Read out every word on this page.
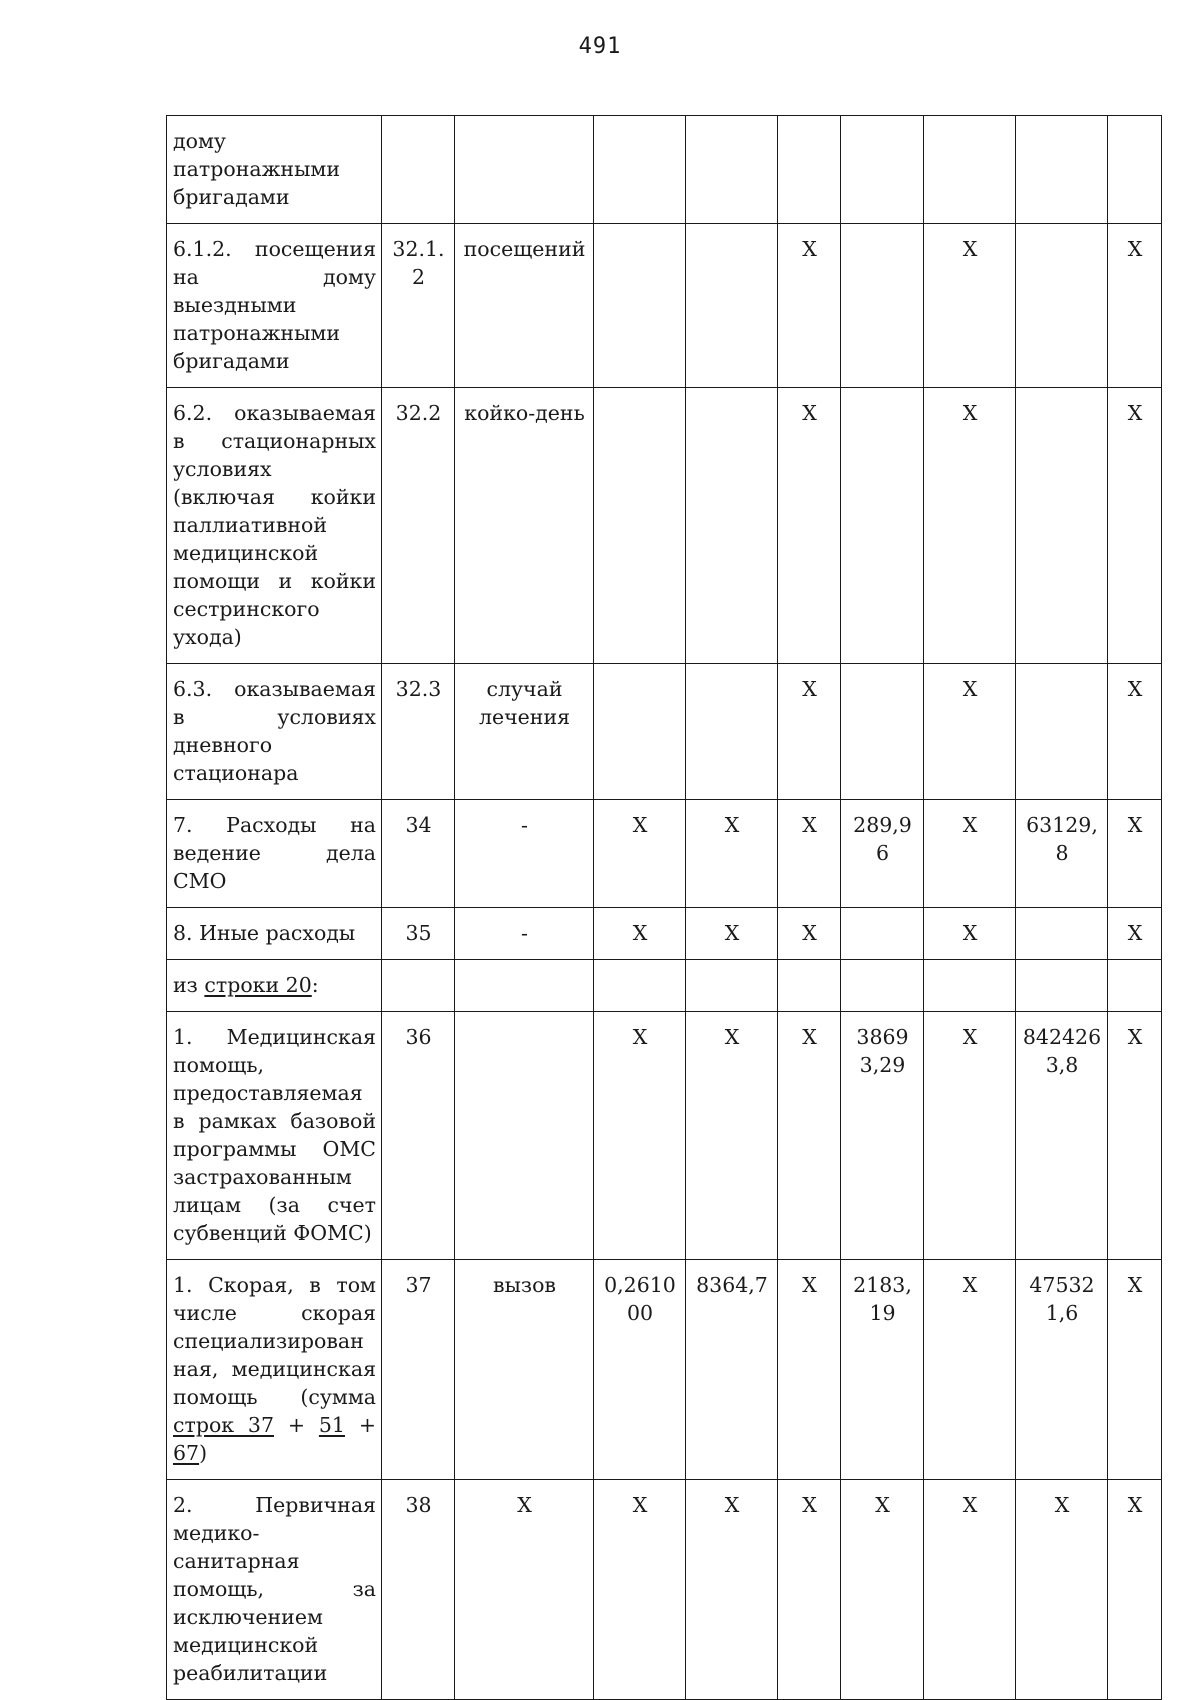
491
дому патронажными бригадами									
6.1.2. посещения на дому выездными патронажными бригадами	32.1.2	посещений			X		X		X
6.2. оказываемая в стационарных условиях (включая койки паллиативной медицинской помощи и койки сестринского ухода)	32.2	койко-день			X		X		X
6.3. оказываемая в условиях дневного стационара	32.3	случай лечения			X		X		X
7. Расходы на ведение дела СМО	34	-	X	X	X	289,96	X	63129,8	X
8. Иные расходы	35	-	X	X	X		X		X
из строки 20:									
1. Медицинская помощь, предоставляемая в рамках базовой программы ОМС застрахованным лицам (за счет субвенций ФОМС)	36		X	X	X	38693,29	X	8424263,8	X
1. Скорая, в том числе скорая специализированная, медицинская помощь (сумма строк 37 + 51 + 67)	37	вызов	0,261000	8364,7	X	2183,19	X	475321,6	X
2. Первичная медико-санитарная помощь, за исключением медицинской реабилитации	38	X	X	X	X	X	X	X	X
